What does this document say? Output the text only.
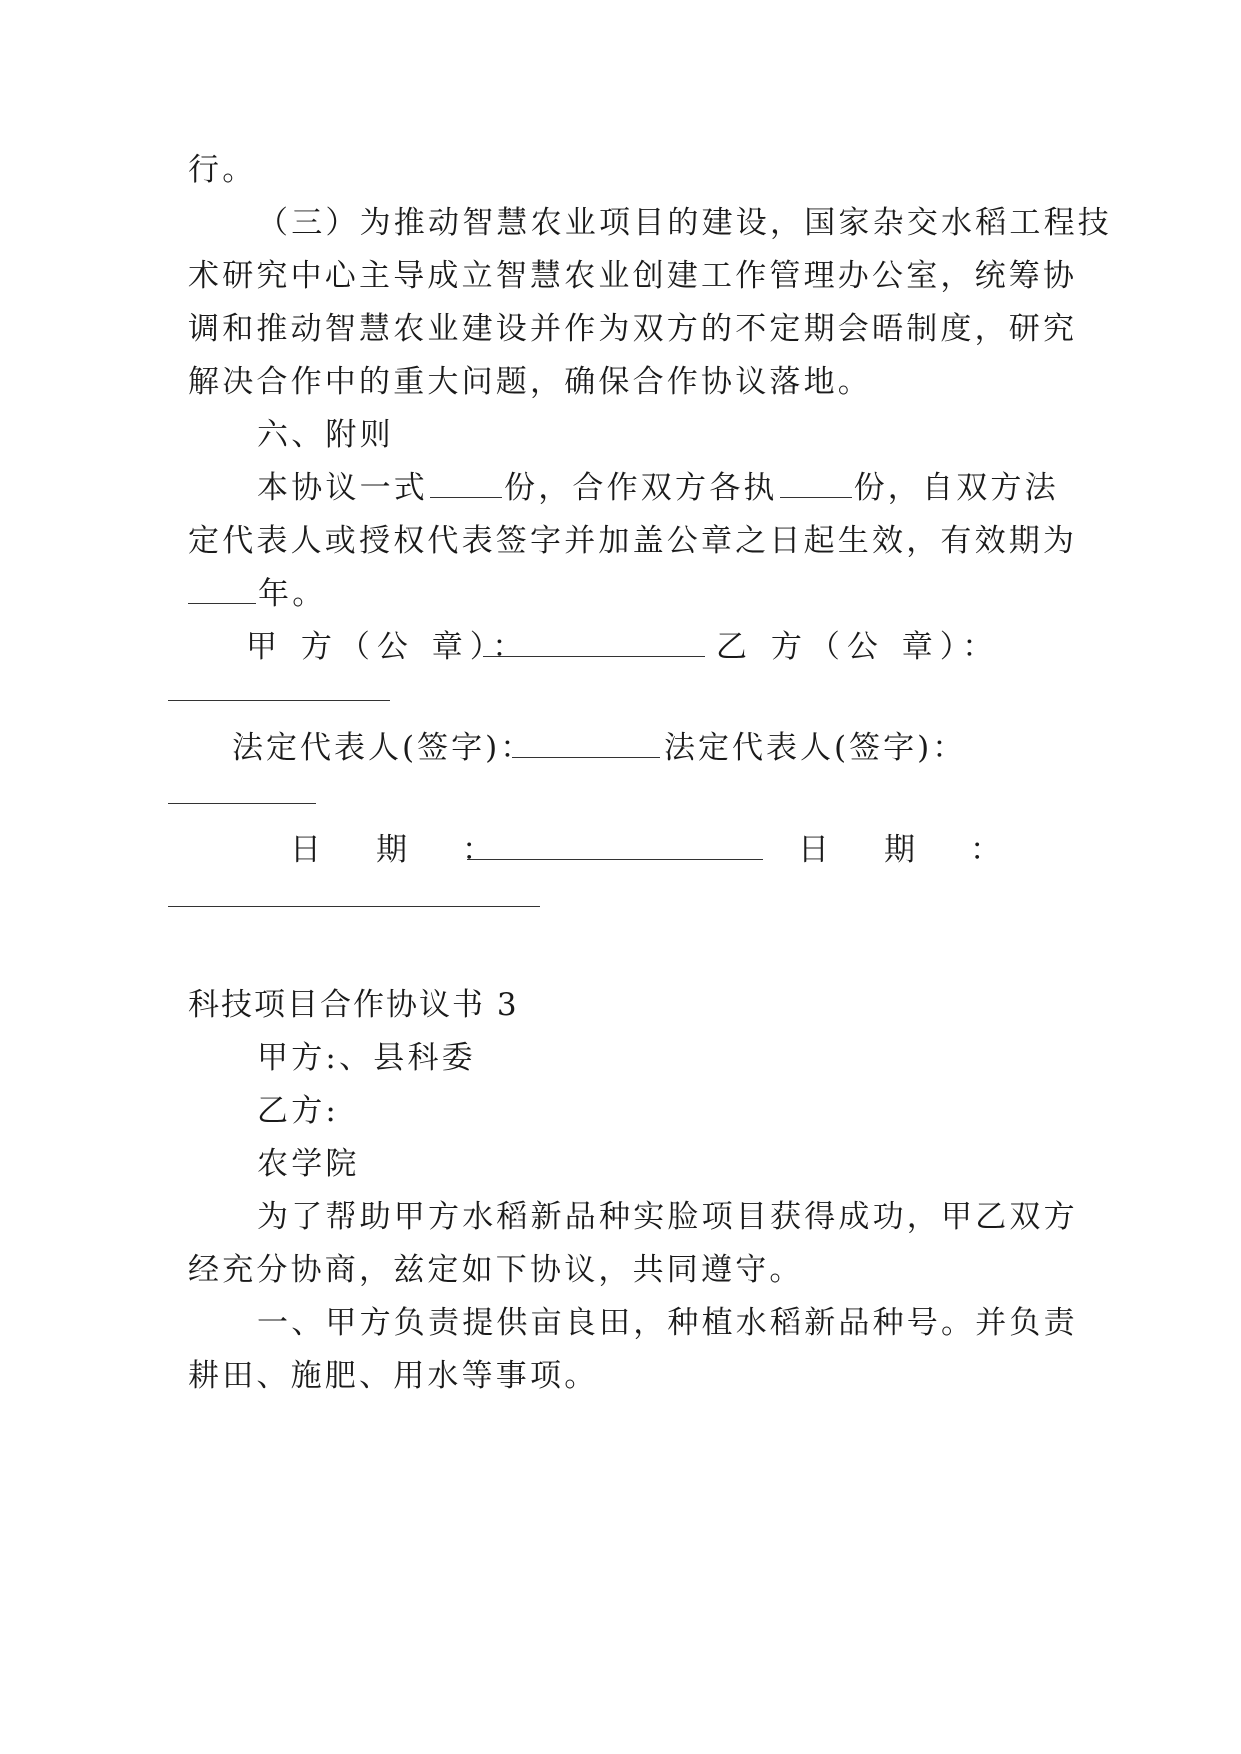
行。
（三）为推动智慧农业项目的建设，国家杂交水稻工程技
术研究中心主导成立智慧农业创建工作管理办公室，统筹协
调和推动智慧农业建设并作为双方的不定期会晤制度，研究
解决合作中的重大问题，确保合作协议落地。
六、附则
本协议一式 份，合作双方各执 份，自双方法
定代表人或授权代表签字并加盖公章之日起生效，有效期为
年。
甲 方（公 章）：	乙 方（公 章）：
法定代表人(签字)：	法定代表人(签字)：
日　期　：	日　期　：
科技项目合作协议书 3
甲方:、县科委
乙方:
农学院
为了帮助甲方水稻新品种实脸项目获得成功，甲乙双方
经充分协商，兹定如下协议，共同遵守。
一、甲方负责提供亩良田，种植水稻新品种号。并负责
耕田、施肥、用水等事项。
